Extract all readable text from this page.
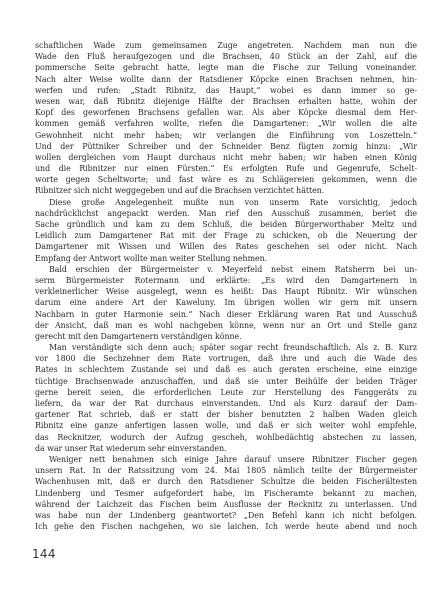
schaftlichen Wade zum gemeinsamen Zuge angetreten. Nachdem man nun die
Wade den Fluß heraufgezogen und die Brachsen, 40 Stück an der Zahl, auf die
pommersche Seite gebracht hatte, legte man die Fische zur Teilung voneinander.
Nach alter Weise wollte dann der Ratsdiener Köpcke einen Brachsen nehmen, hin-
werfen und rufen: „Stadt Ribnitz, das Haupt,“ wobei es dann immer so ge-
wesen war, daß Ribnitz diejenige Hälfte der Brachsen erhalten hatte, wohin der
Kopf des geworfenen Brachsens gefallen war. Als aber Köpcke diesmal dem Her-
kommen gemäß verfahren wollte, riefen die Damgartener: „Wir wollen die alte
Gewohnheit nicht mehr haben; wir verlangen die Einführung von Loszetteln.“
Und der Püttniker Schreiber und der Schneider Benz fügten zornig hinzu: „Wir
wollen dergleichen vom Haupt durchaus nicht mehr haben; wir haben einen König
und die Ribnitzer nur einen Fürsten.“ Es erfolgten Rufe und Gegenrufe, Schelt-
worte gegen Scheltworte; und fast wäre es zu Schlägereien gekommen, wenn die
Ribnitzer sich nicht weggegeben und auf die Brachsen verzichtet hätten.
Diese große Angelegenheit mußte nun von unserm Rate vorsichtig, jedoch
nachdrücklichst angepackt werden. Man rief den Ausschuß zusammen, beriet die
Sache gründlich und kam zu dem Schluß, die beiden Bürgerworthaber Meltz und
Leidlich zum Damgartener Rat mit der Frage zu schicken, ob die Neuerung der
Damgartener mit Wissen und Willen des Rates geschehen sei oder nicht. Nach
Empfang der Antwort wollte man weiter Stellung nehmen.
Bald erschien der Bürgermeister v. Meyerfeld nebst einem Ratsherrn bei un-
serm Bürgermeister Rotermann und erklärte: „Es wird den Damgartenern in
verkleinerlicher Weise ausgelegt, wenn es heißt: Das Haupt Ribnitz. Wir wünschen
darum eine andere Art der Kaweluny. Im übrigen wollen wir gern mit unsern
Nachbarn in guter Harmonie sein.“ Nach dieser Erklärung waren Rat und Ausschuß
der Ansicht, daß man es wohl nachgeben könne, wenn nur an Ort und Stelle ganz
gerecht mit den Damgartenern verständigen könne.
Man verständigte sich denn auch; später sogar recht freundschaftlich. Als z. B. Kurz
vor 1800 die Sechzehner dem Rate vortrugen, daß ihre und auch die Wade des
Rates in schlechtem Zustande sei und daß es auch geraten erscheine, eine einzige
tüchtige Brachsenwade anzuschaffen, und daß sie unter Beihülfe der beiden Träger
gerne bereit seien, die erforderlichen Leute zur Herstellung des Fanggeräts zu
liefern, da war der Rat durchaus einverstanden. Und als Kurz darauf der Dam-
gartener Rat schrieb, daß er statt der bisher benutzten 2 halben Waden gleich
Ribnitz eine ganze anfertigen lassen wolle, und daß er sich weiter wohl empfehle,
das Recknitzer, wodurch der Aufzug gescheh, wohlbedächtig abstechen zu lassen,
da war unser Rat wiederum sehr einverstanden.
Weniger nett benahmen sich einige Jahre darauf unsere Ribnitzer Fischer gegen
unsern Rat. In der Ratssitzung vom 24. Mai 1805 nämlich teilte der Bürgermeister
Wachenhusen mit, daß er durch den Ratsdiener Schultze die beiden Fischerältesten
Lindenberg und Tesmer aufgefordert habe, im Fischeramte bekannt zu machen,
während der Laichzeit das Fischen beim Ausflusse der Recknitz zu unterlassen. Und
was habe nun der Lindenberg geantwortet? „Den Befehl kann ich nicht befolgen.
Ich gehe den Fischen nachgehen, wo sie laichen. Ich werde heute abend und noch
144
